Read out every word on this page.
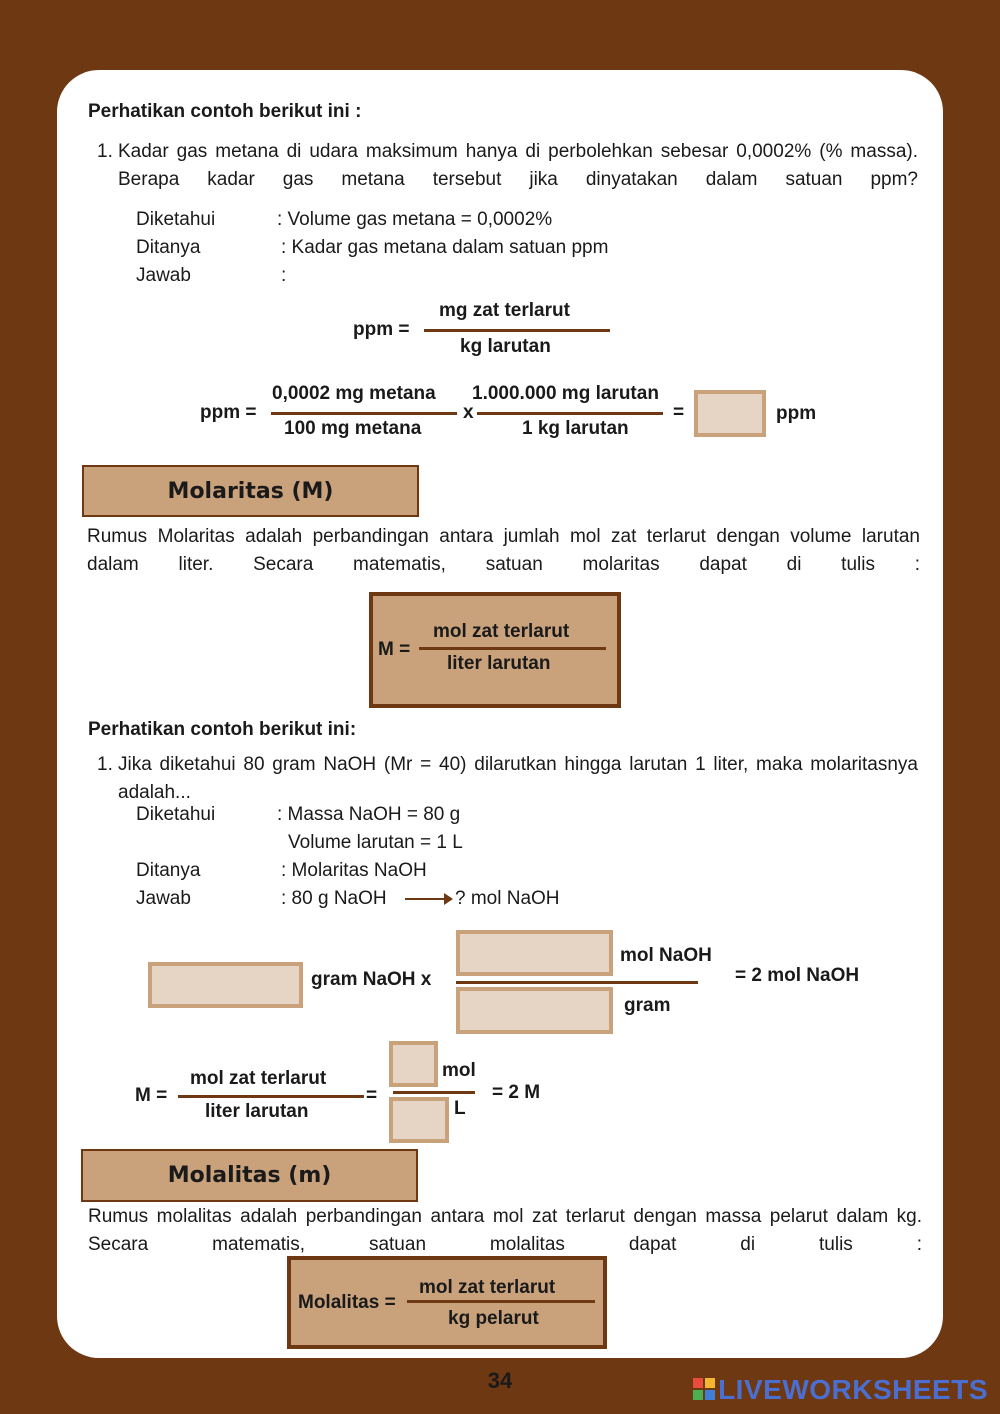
Perhatikan contoh berikut ini :
1. Kadar gas metana di udara maksimum hanya di perbolehkan sebesar 0,0002% (% massa). Berapa kadar gas metana tersebut jika dinyatakan dalam satuan ppm?
Diketahui	: Volume gas metana = 0,0002%
Ditanya	: Kadar gas metana dalam satuan ppm
Jawab	:
ppm =
mg zat terlarut
kg larutan
ppm =
0,0002 mg metana
100 mg metana
x
1.000.000 mg larutan
1 kg larutan
=	ppm
Molaritas (M)
Rumus Molaritas adalah perbandingan antara jumlah mol zat terlarut dengan volume larutan dalam liter. Secara matematis, satuan molaritas dapat di tulis :
M =
mol zat terlarut
liter larutan
Perhatikan contoh berikut ini:
1. Jika diketahui 80 gram NaOH (Mr = 40) dilarutkan hingga larutan 1 liter, maka molaritasnya adalah...
Diketahui	: Massa NaOH = 80 g
Volume larutan = 1 L
Ditanya	: Molaritas NaOH
Jawab	: 80 g NaOH	? mol NaOH
gram NaOH x
mol NaOH
gram
= 2 mol NaOH
M =
mol zat terlarut
liter larutan
=
mol
L
= 2 M
Molalitas (m)
Rumus molalitas adalah perbandingan antara mol zat terlarut dengan massa pelarut dalam kg. Secara matematis, satuan molalitas dapat di tulis :
Molalitas =
mol zat terlarut
kg pelarut
34	LIVEWORKSHEETS
